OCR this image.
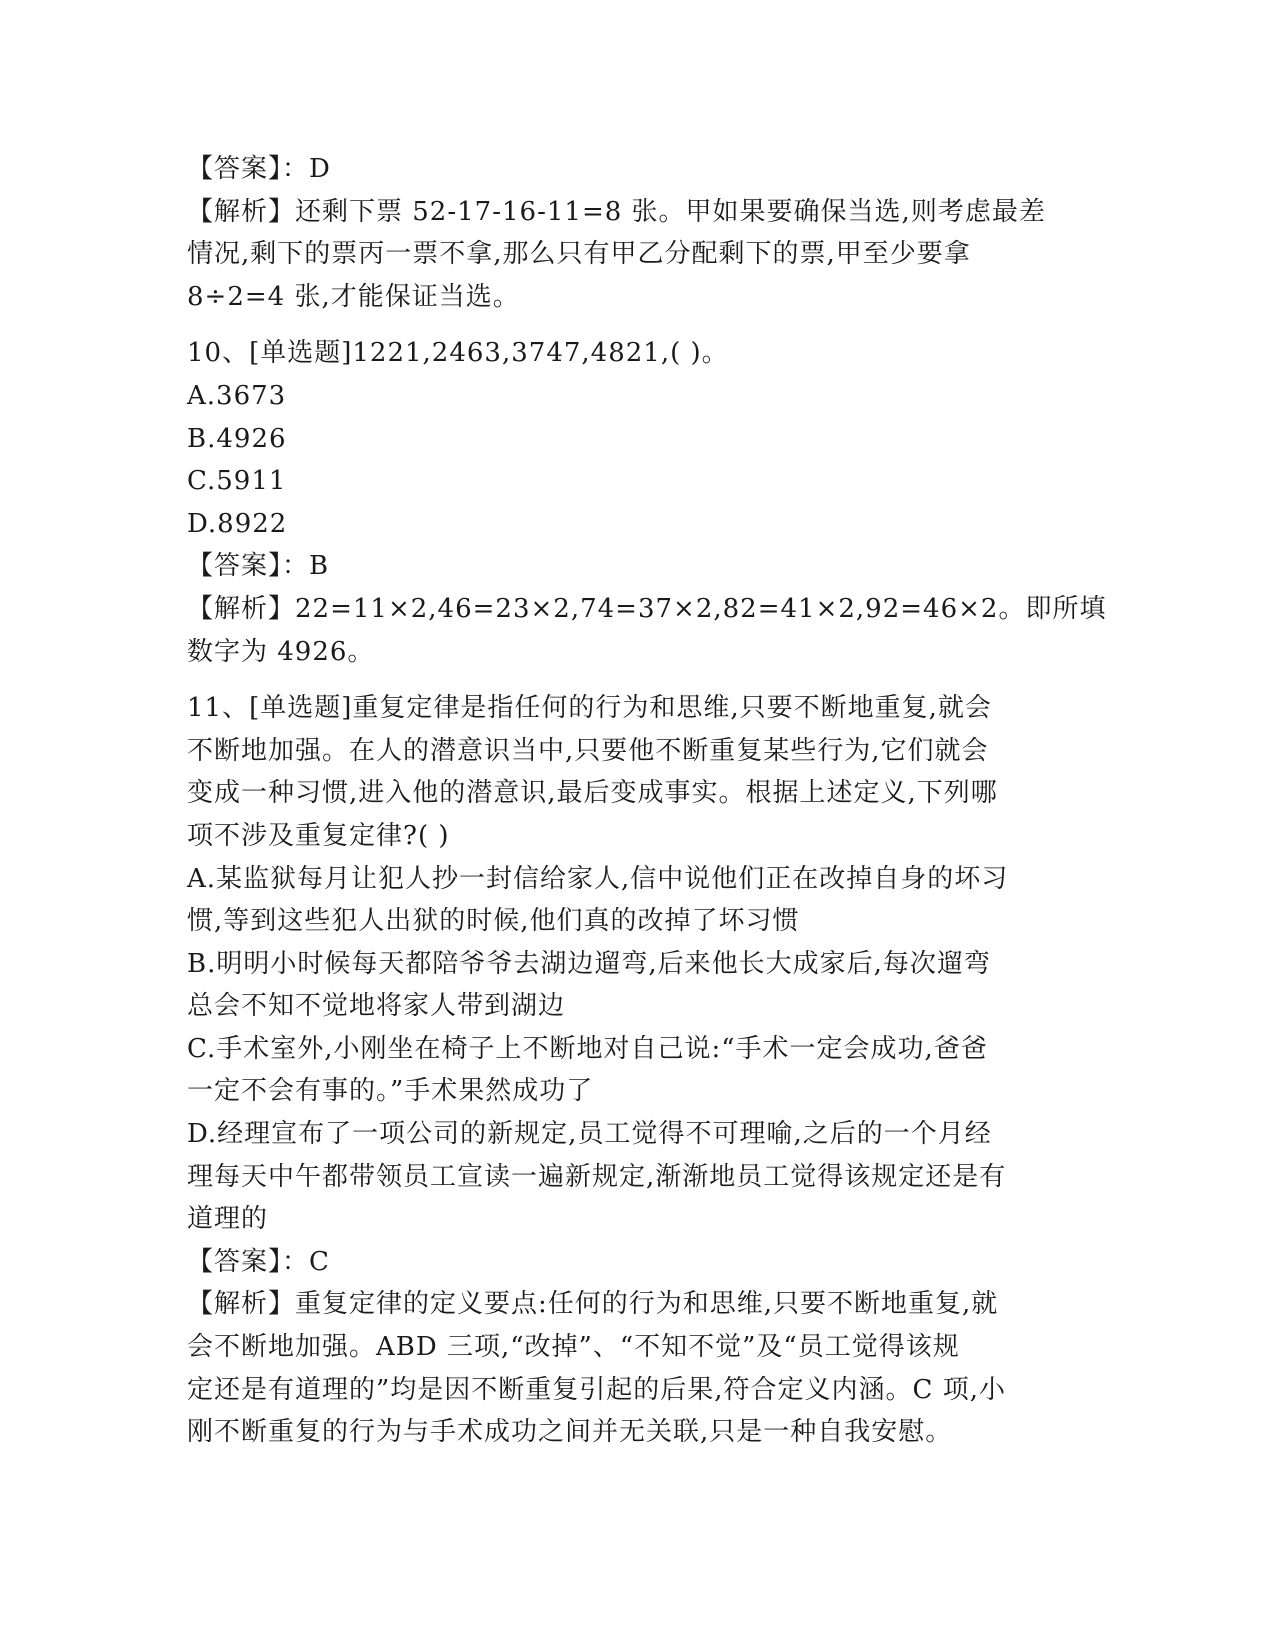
【答案】：D
【解析】还剩下票 52-17-16-11=8 张。甲如果要确保当选,则考虑最差
情况,剩下的票丙一票不拿,那么只有甲乙分配剩下的票,甲至少要拿
8÷2=4 张,才能保证当选。
10、[单选题]1221,2463,3747,4821,( )。
A.3673
B.4926
C.5911
D.8922
【答案】：B
【解析】22=11×2,46=23×2,74=37×2,82=41×2,92=46×2。即所填
数字为 4926。
11、[单选题]重复定律是指任何的行为和思维,只要不断地重复,就会
不断地加强。在人的潜意识当中,只要他不断重复某些行为,它们就会
变成一种习惯,进入他的潜意识,最后变成事实。根据上述定义,下列哪
项不涉及重复定律?( )
A.某监狱每月让犯人抄一封信给家人,信中说他们正在改掉自身的坏习
惯,等到这些犯人出狱的时候,他们真的改掉了坏习惯
B.明明小时候每天都陪爷爷去湖边遛弯,后来他长大成家后,每次遛弯
总会不知不觉地将家人带到湖边
C.手术室外,小刚坐在椅子上不断地对自己说:“手术一定会成功,爸爸
一定不会有事的。”手术果然成功了
D.经理宣布了一项公司的新规定,员工觉得不可理喻,之后的一个月经
理每天中午都带领员工宣读一遍新规定,渐渐地员工觉得该规定还是有
道理的
【答案】：C
【解析】重复定律的定义要点:任何的行为和思维,只要不断地重复,就
会不断地加强。ABD 三项,“改掉”、“不知不觉”及“员工觉得该规
定还是有道理的”均是因不断重复引起的后果,符合定义内涵。C 项,小
刚不断重复的行为与手术成功之间并无关联,只是一种自我安慰。
